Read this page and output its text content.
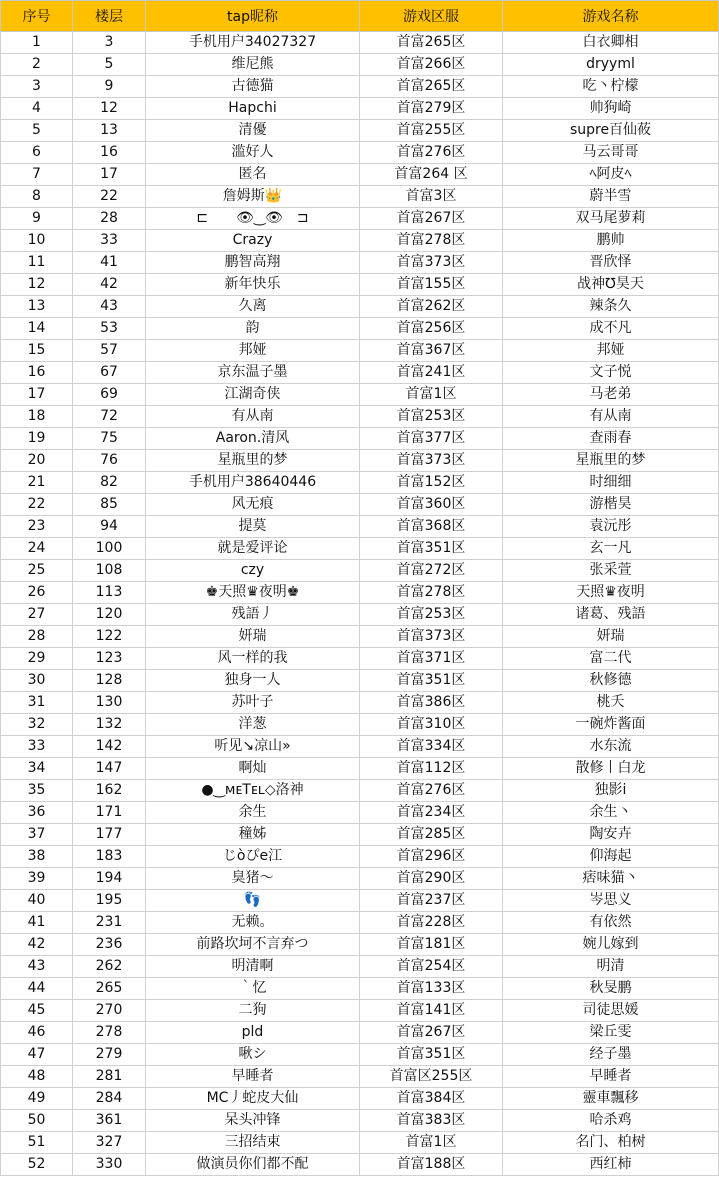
序号	楼层	tap昵称	游戏区服	游戏名称
1	3	手机用户34027327	首富265区	白衣卿相
2	5	维尼熊	首富266区	dryyml
3	9	古德猫	首富265区	吃丶柠檬
4	12	Hapchi	首富279区	帅狗崎
5	13	清優	首富255区	supre百仙莜
6	16	滥好人	首富276区	马云哥哥
7	17	匿名	首富264 区	ﾍ阿皮ﾍ
8	22	詹姆斯👑	首富3区	蔚半雪
9	28	⊏　　👁‿👁　⊐	首富267区	双马尾萝莉
10	33	Crazy	首富278区	鹏帅
11	41	鹏智高翔	首富373区	晋欣怿
12	42	新年快乐	首富155区	战神℧昊天
13	43	久离	首富262区	辣条久
14	53	韵	首富256区	成不凡
15	57	邦娅	首富367区	邦娅
16	67	京东温子墨	首富241区	文子悦
17	69	江湖奇侠	首富1区	马老弟
18	72	有从南	首富253区	有从南
19	75	Aaron.清风	首富377区	查雨春
20	76	星瓶里的梦	首富373区	星瓶里的梦
21	82	手机用户38640446	首富152区	时细细
22	85	风无痕	首富360区	游楷昊
23	94	提莫	首富368区	袁沅彤
24	100	就是爱评论	首富351区	玄一凡
25	108	czy	首富272区	张采萱
26	113	♚天照♛夜明♚	首富278区	天照♛夜明
27	120	残語丿	首富253区	诸葛、残語
28	122	妍瑞	首富373区	妍瑞
29	123	风一样的我	首富371区	富二代
30	128	独身一人	首富351区	秋修德
31	130	苏叶子	首富386区	桃夭
32	132	洋葱	首富310区	一碗炸酱面
33	142	听见↘凉山»	首富334区	水东流
34	147	啊灿	首富112区	散修丨白龙
35	162	●‿ᴍᴇTᴇʟ◇洛神	首富276区	独影i
36	171	余生	首富234区	余生丶
37	177	穜姊	首富285区	陶安卉
38	183	じòぴe江	首富296区	仰海起
39	194	臭猪～	首富290区	痞味猫丶
40	195	👣	首富237区	岑思义
41	231	无赖。	首富228区	有依然
42	236	前路坎坷不言弃つ	首富181区	婉儿嫁到
43	262	明清啊	首富254区	明清
44	265	｀忆	首富133区	秋旻鹏
45	270	二狗	首富141区	司徒思媛
46	278	pld	首富267区	梁丘雯
47	279	啾シ	首富351区	经子墨
48	281	早睡者	首富区255区	早睡者
49	284	MC丿蛇皮大仙	首富384区	靈車飄移
50	361	呆头冲锋	首富383区	哈杀鸡
51	327	三招结束	首富1区	名门、柏树
52	330	做演员你们都不配	首富188区	西红柿
